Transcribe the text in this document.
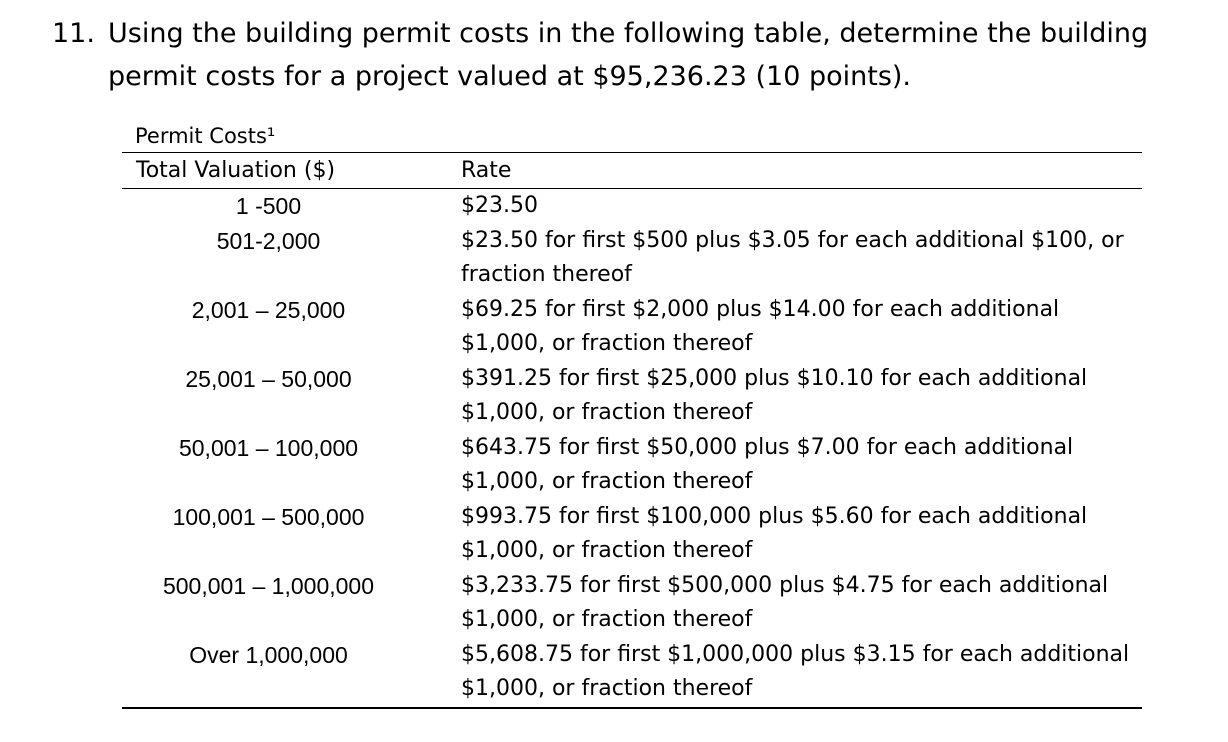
11. Using the building permit costs in the following table, determine the building permit costs for a project valued at $95,236.23 (10 points).
Permit Costs¹
Total Valuation ($)	Rate
1 -500	$23.50
501-2,000	$23.50 for first $500 plus $3.05 for each additional $100, or fraction thereof
2,001 – 25,000	$69.25 for first $2,000 plus $14.00 for each additional $1,000, or fraction thereof
25,001 – 50,000	$391.25 for first $25,000 plus $10.10 for each additional $1,000, or fraction thereof
50,001 – 100,000	$643.75 for first $50,000 plus $7.00 for each additional $1,000, or fraction thereof
100,001 – 500,000	$993.75 for first $100,000 plus $5.60 for each additional $1,000, or fraction thereof
500,001 – 1,000,000	$3,233.75 for first $500,000 plus $4.75 for each additional $1,000, or fraction thereof
Over 1,000,000	$5,608.75 for first $1,000,000 plus $3.15 for each additional $1,000, or fraction thereof
